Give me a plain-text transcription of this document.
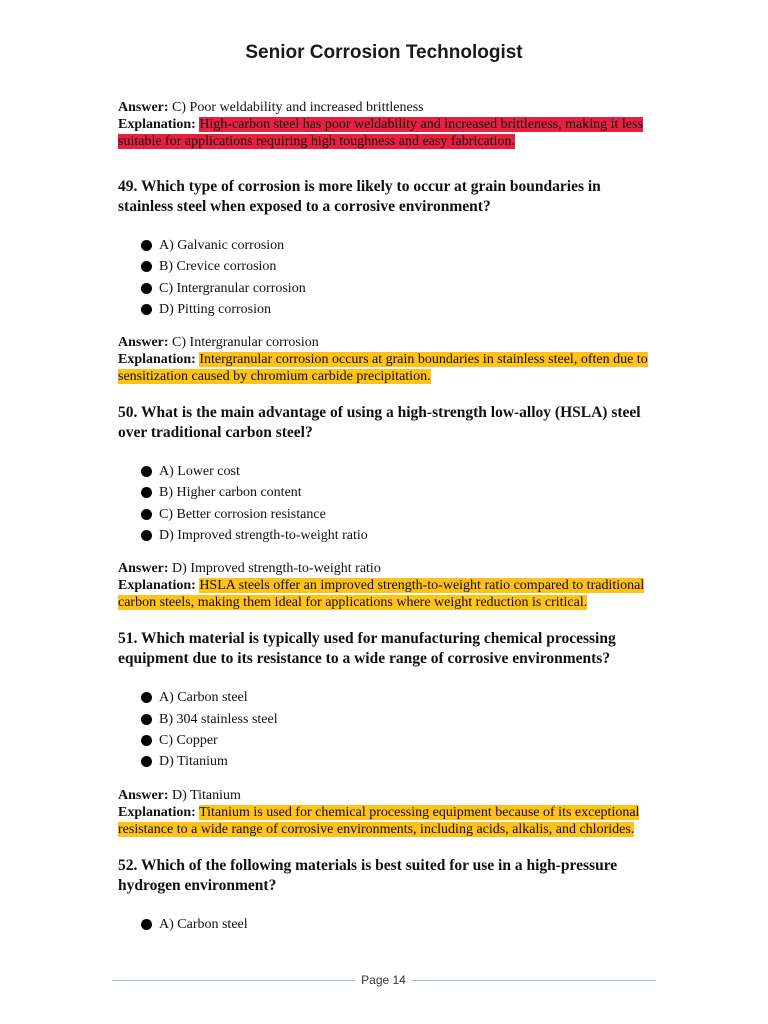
Senior Corrosion Technologist
Answer: C) Poor weldability and increased brittleness
Explanation: High-carbon steel has poor weldability and increased brittleness, making it less suitable for applications requiring high toughness and easy fabrication.
49. Which type of corrosion is more likely to occur at grain boundaries in stainless steel when exposed to a corrosive environment?
A) Galvanic corrosion
B) Crevice corrosion
C) Intergranular corrosion
D) Pitting corrosion
Answer: C) Intergranular corrosion
Explanation: Intergranular corrosion occurs at grain boundaries in stainless steel, often due to sensitization caused by chromium carbide precipitation.
50. What is the main advantage of using a high-strength low-alloy (HSLA) steel over traditional carbon steel?
A) Lower cost
B) Higher carbon content
C) Better corrosion resistance
D) Improved strength-to-weight ratio
Answer: D) Improved strength-to-weight ratio
Explanation: HSLA steels offer an improved strength-to-weight ratio compared to traditional carbon steels, making them ideal for applications where weight reduction is critical.
51. Which material is typically used for manufacturing chemical processing equipment due to its resistance to a wide range of corrosive environments?
A) Carbon steel
B) 304 stainless steel
C) Copper
D) Titanium
Answer: D) Titanium
Explanation: Titanium is used for chemical processing equipment because of its exceptional resistance to a wide range of corrosive environments, including acids, alkalis, and chlorides.
52. Which of the following materials is best suited for use in a high-pressure hydrogen environment?
A) Carbon steel
Page 14
